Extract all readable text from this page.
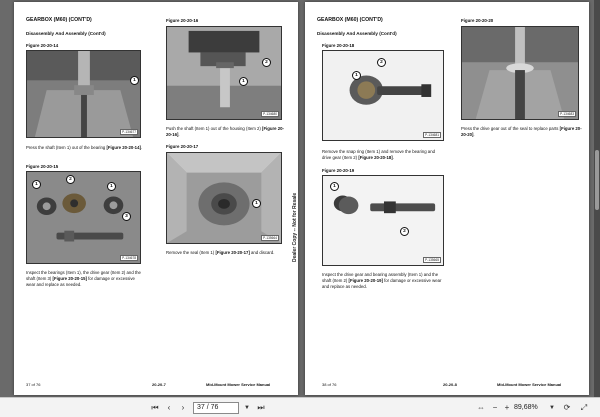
GEARBOX (M60) (CONT'D)
Disassembly And Assembly (Cont'd)
Figure 20-20-14
P-134677
1
Press the shaft (Item 1) out of the bearing [Figure 20-20-14].
Figure 20-20-15
P-134678
1
2
1
3
Inspect the bearings (Item 1), the drive gear (Item 2) and the shaft (Item 3) [Figure 20-20-15] for damage or excessive wear and replace as needed.
Figure 20-20-16
P-134680
2
1
Push the shaft (Item 1) out of the housing (Item 2) [Figure 20-20-16].
Figure 20-20-17
P-135664
1
Remove the seal (Item 1) [Figure 20-20-17] and discard.
37 of 76	20-20-7	Mid-Mount Mower Service Manual
Dealer Copy -- Not for Resale
GEARBOX (M60) (CONT'D)
Disassembly And Assembly (Cont'd)
Figure 20-20-18
P-134681
2
1
Remove the snap ring (Item 1) and remove the bearing and drive gear (Item 2) [Figure 20-20-18].
Figure 20-20-19
P-135665
1
2
Inspect the drive gear and bearing assembly (Item 1) and the shaft (Item 2) [Figure 20-20-19] for damage or excessive wear and replace as needed.
Figure 20-20-20
P-134683
Press the drive gear out of the seal to replace parts [Figure 20-20-20].
38 of 76	20-20-8	Mid-Mount Mower Service Manual
⏮	‹	›	37 / 76	▼ ⏭	⇔ − + 89,68% ▼ ⟳	⤢
